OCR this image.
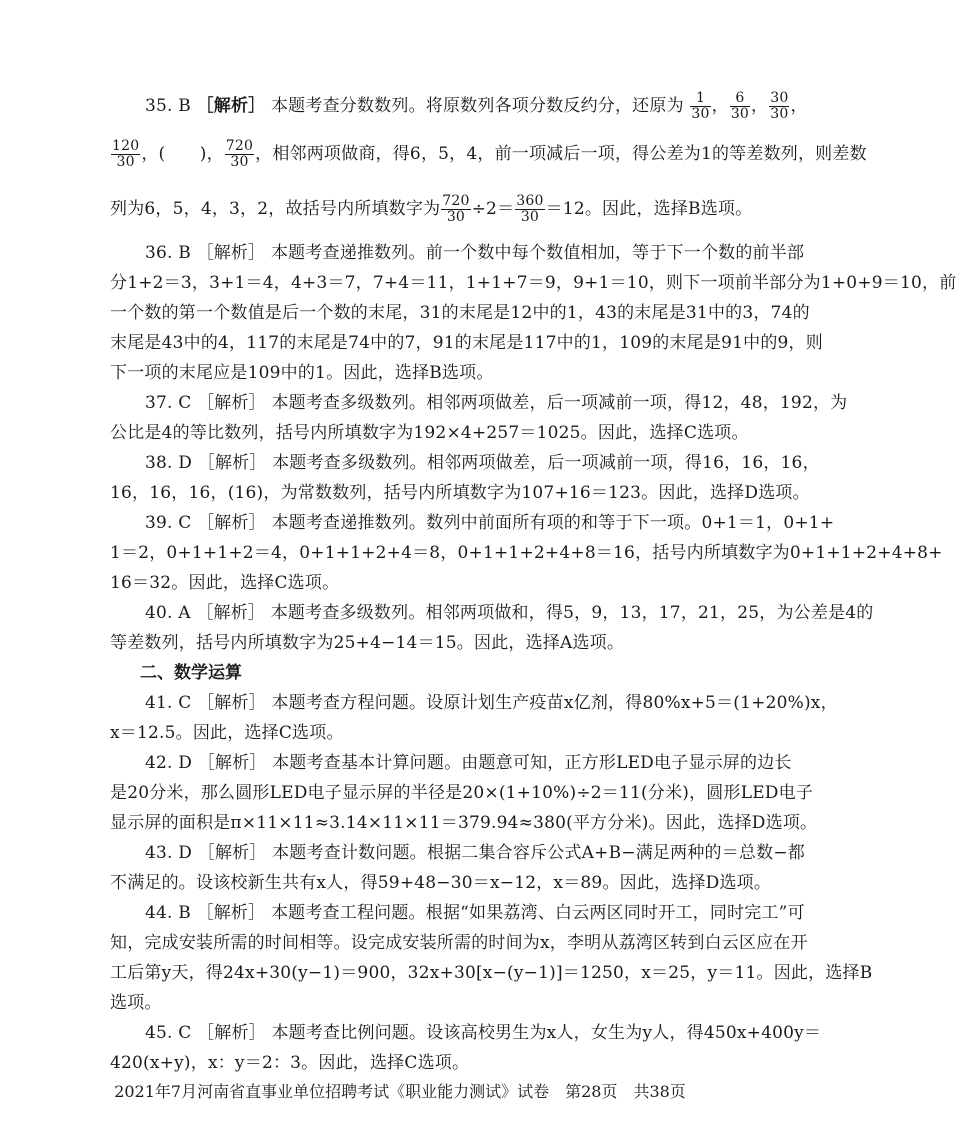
35. B ［解析］ 本题考查分数数列。将原数列各项分数反约分，还原为 $\frac{1}{30}$ ， $\frac{6}{30}$ ， $\frac{30}{30}$ ，
$\frac{120}{30}$ ，(　　)， $\frac{720}{30}$ ，相邻两项做商，得6，5，4，前一项减后一项，得公差为1的等差数列，则差数
列为6，5，4，3，2，故括号内所填数字为 $\frac{720}{30} \div 2= \frac{360}{30} =12$。因此，选择B选项。
36. B ［解析］ 本题考查递推数列。前一个数中每个数值相加，等于下一个数的前半部
分1+2＝3，3+1＝4，4+3＝7，7+4＝11，1+1+7＝9，9+1＝10，则下一项前半部分为1+0+9＝10，前
一个数的第一个数值是后一个数的末尾，31的末尾是12中的1，43的末尾是31中的3，74的
末尾是43中的4，117的末尾是74中的7，91的末尾是117中的1，109的末尾是91中的9，则
下一项的末尾应是109中的1。因此，选择B选项。
37. C ［解析］ 本题考查多级数列。相邻两项做差，后一项减前一项，得12，48，192，为
公比是4的等比数列，括号内所填数字为192×4+257＝1025。因此，选择C选项。
38. D ［解析］ 本题考查多级数列。相邻两项做差，后一项减前一项，得16，16，16，
16，16，16，(16)，为常数数列，括号内所填数字为107+16＝123。因此，选择D选项。
39. C ［解析］ 本题考查递推数列。数列中前面所有项的和等于下一项。0+1＝1，0+1+
1＝2，0+1+1+2＝4，0+1+1+2+4＝8，0+1+1+2+4+8＝16，括号内所填数字为0+1+1+2+4+8+
16＝32。因此，选择C选项。
40. A ［解析］ 本题考查多级数列。相邻两项做和，得5，9，13，17，21，25，为公差是4的
等差数列，括号内所填数字为25+4−14＝15。因此，选择A选项。
二、数学运算
41. C ［解析］ 本题考查方程问题。设原计划生产疫苗x亿剂，得80%x+5＝(1+20%)x，
x＝12.5。因此，选择C选项。
42. D ［解析］ 本题考查基本计算问题。由题意可知，正方形LED电子显示屏的边长
是20分米，那么圆形LED电子显示屏的半径是20×(1+10%)÷2＝11(分米)，圆形LED电子
显示屏的面积是π×11×11≈3.14×11×11＝379.94≈380(平方分米)。因此，选择D选项。
43. D ［解析］ 本题考查计数问题。根据二集合容斥公式A+B−满足两种的＝总数−都
不满足的。设该校新生共有x人，得59+48−30＝x−12，x＝89。因此，选择D选项。
44. B ［解析］ 本题考查工程问题。根据“如果荔湾、白云两区同时开工，同时完工”可
知，完成安装所需的时间相等。设完成安装所需的时间为x，李明从荔湾区转到白云区应在开
工后第y天，得24x+30(y−1)＝900，32x+30[x−(y−1)]＝1250，x＝25，y＝11。因此，选择B
选项。
45. C ［解析］ 本题考查比例问题。设该高校男生为x人，女生为y人，得450x+400y＝
420(x+y)，x：y＝2：3。因此，选择C选项。
2021年7月河南省直事业单位招聘考试《职业能力测试》试卷　第28页　共38页
